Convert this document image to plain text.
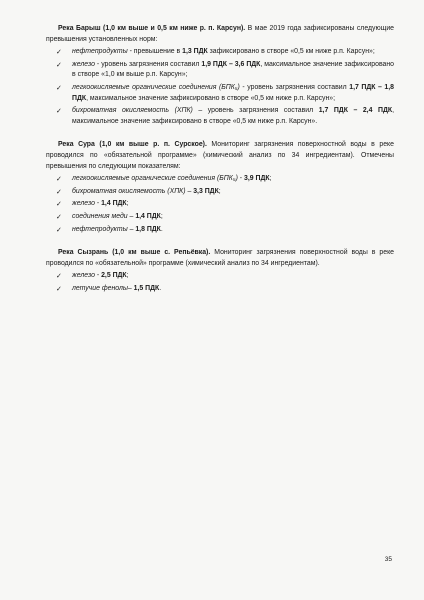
Река Барыш (1,0 км выше и 0,5 км ниже р. п. Карсун). В мае 2019 года зафиксированы следующие превышения установленных норм:
✓ нефтепродукты - превышение в 1,3 ПДК зафиксировано в створе «0,5 км ниже р.п. Карсун»;
✓ железо - уровень загрязнения составил 1,9 ПДК – 3,6 ПДК, максимальное значение зафиксировано в створе «1,0 км выше р.п. Карсун»;
✓ легкоокисляемые органические соединения (БПК₅) - уровень загрязнения составил 1,7 ПДК – 1,8 ПДК, максимальное значение зафиксировано в створе «0,5 км ниже р.п. Карсун»;
✓ бихроматная окисляемость (ХПК) – уровень загрязнения составил 1,7 ПДК – 2,4 ПДК, максимальное значение зафиксировано в створе «0,5 км ниже р.п. Карсун».
Река Сура (1,0 км выше р. п. Сурское). Мониторинг загрязнения поверхностной воды в реке проводился по «обязательной программе» (химический анализ по 34 ингредиентам). Отмечены превышения по следующим показателям:
✓ легкоокисляемые органические соединения (БПК₅) - 3,9 ПДК;
✓ бихроматная окисляемость (ХПК) – 3,3 ПДК;
✓ железо - 1,4 ПДК;
✓ соединения меди – 1,4 ПДК;
✓ нефтепродукты – 1,8 ПДК.
Река Сызрань (1,0 км выше с. Репьёвка). Мониторинг загрязнения поверхностной воды в реке проводился по «обязательной» программе (химический анализ по 34 ингредиентам).
✓ железо - 2,5 ПДК;
✓ летучие фенолы– 1,5 ПДК.
35
